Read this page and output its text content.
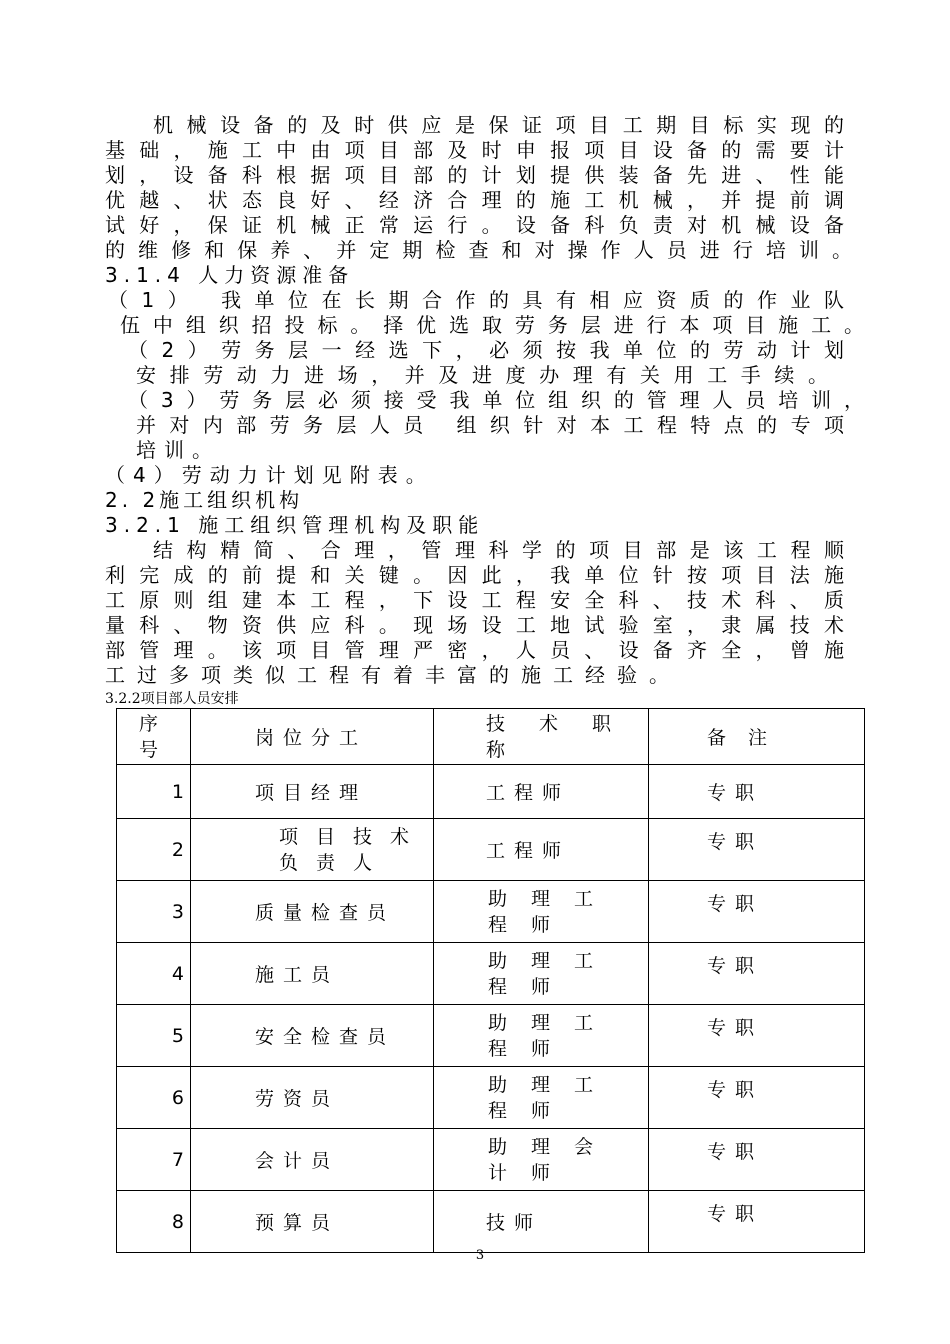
机械设备的及时供应是保证项目工期目标实现的
基础，施工中由项目部及时申报项目设备的需要计
划，设备科根据项目部的计划提供装备先进、性能
优越、状态良好、经济合理的施工机械，并提前调
试好，保证机械正常运行。设备科负责对机械设备
的维修和保养、并定期检查和对操作人员进行培训。
3.1.4 人力资源准备
（1） 我单位在长期合作的具有相应资质的作业队
伍中组织招投标。择优选取劳务层进行本项目施工。
（2）劳务层一经选下，必须按我单位的劳动计划
安排劳动力进场，并及进度办理有关用工手续。
（3）劳务层必须接受我单位组织的管理人员培训，
并对内部劳务层人员 组织针对本工程特点的专项
培训。
（4）劳动力计划见附表。
2. 2施工组织机构
3.2.1 施工组织管理机构及职能
结构精简、合理，管理科学的项目部是该工程顺
利完成的前提和关键。因此，我单位针按项目法施
工原则组建本工程，下设工程安全科、技术科、质
量科、物资供应科。现场设工地试验室，隶属技术
部管理。该项目管理严密，人员、设备齐全，曾施
工过多项类似工程有着丰富的施工经验。
3.2.2项目部人员安排
序号	岗位分工	技术职称	备注
1	项目经理	工程师	专职
2	项目技术负责人	工程师	专职
3	质量检查员	助理工程师	专职
4	施工员	助理工程师	专职
5	安全检查员	助理工程师	专职
6	劳资员	助理工程师	专职
7	会计员	助理会计师	专职
8	预算员	技师	专职
3
